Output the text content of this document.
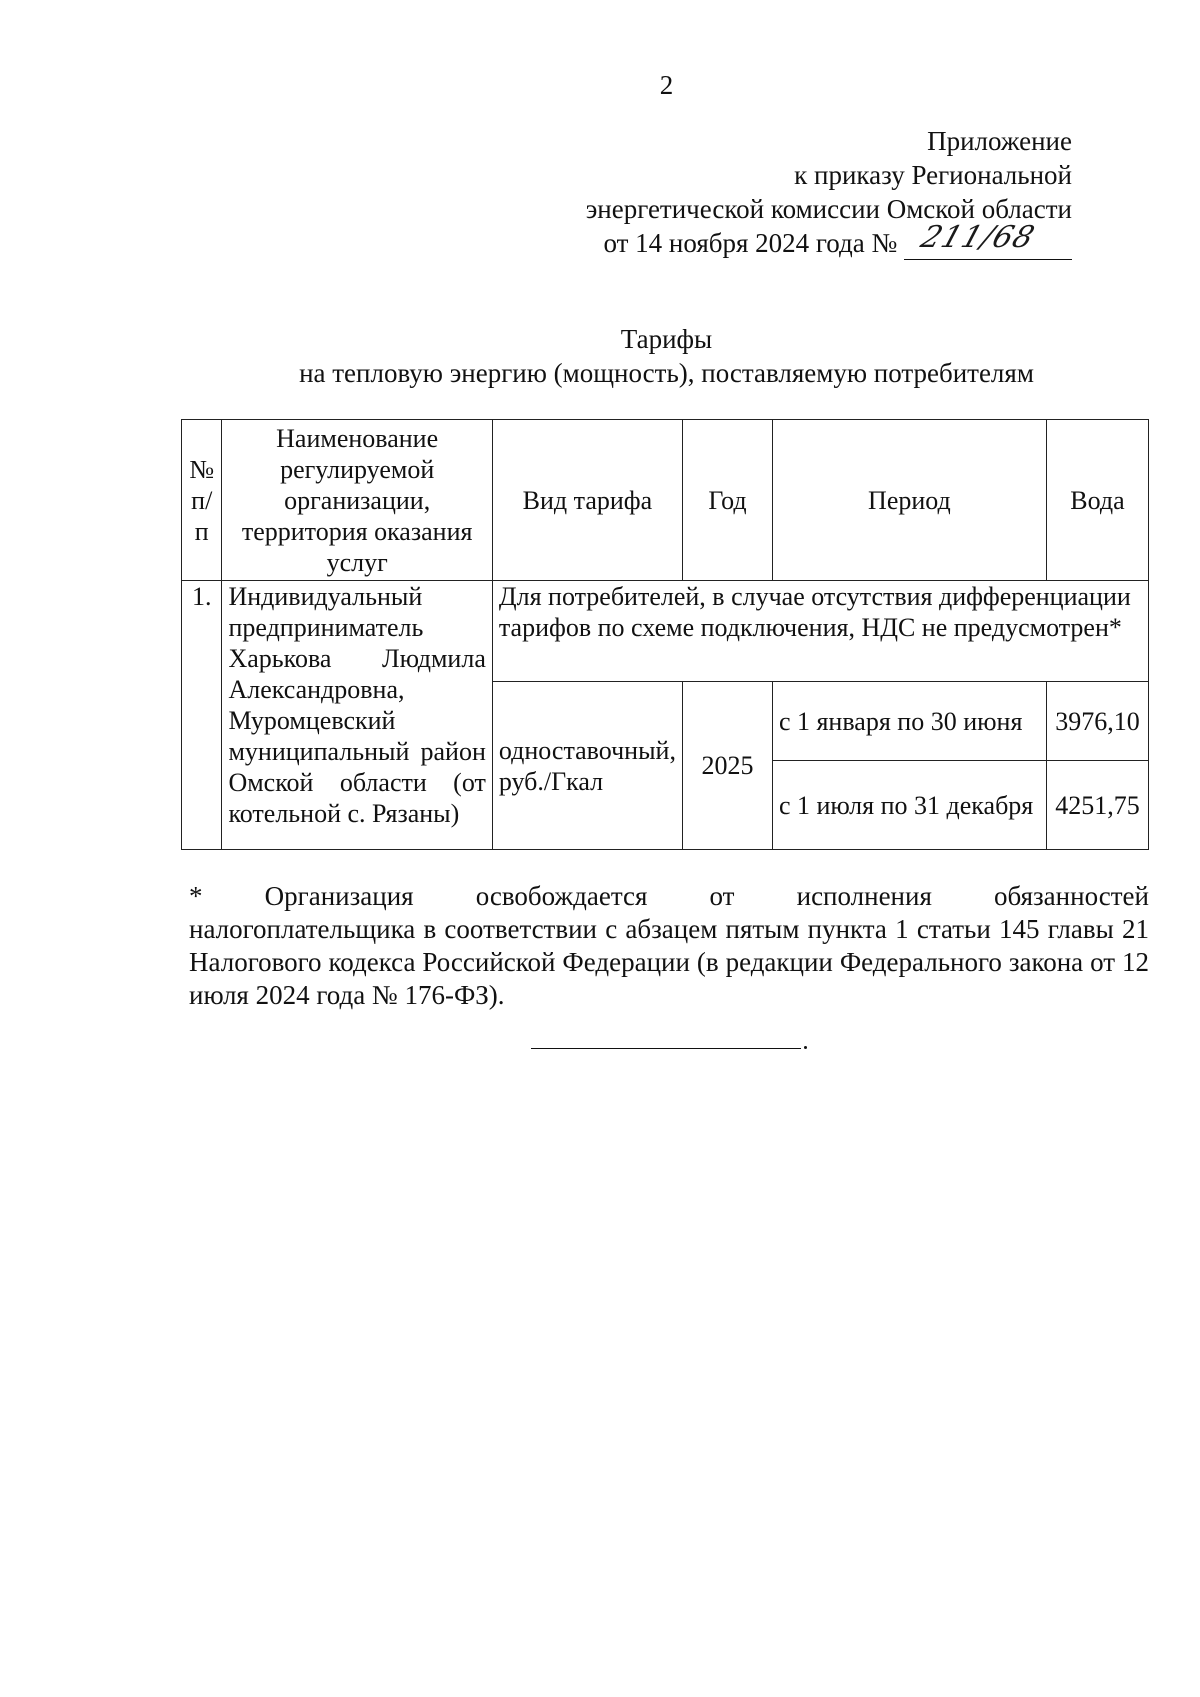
2
Приложение
к приказу Региональной
энергетической комиссии Омской области
от 14 ноября 2024 года № 211/68
Тарифы
на тепловую энергию (мощность), поставляемую потребителям
№ п/п	Наименование регулируемой организации, территория оказания услуг	Вид тарифа	Год	Период	Вода
1.	Индивидуальный предприниматель Харькова Людмила Александровна, Муромцевский муниципальный район Омской области (от котельной с. Рязаны)	Для потребителей, в случае отсутствия дифференциации тарифов по схеме подключения, НДС не предусмотрен*			
		одноставочный, руб./Гкал	2025	с 1 января по 30 июня	3976,10
				с 1 июля по 31 декабря	4251,75
* Организация освобождается от исполнения обязанностей
налогоплательщика в соответствии с абзацем пятым пункта 1 статьи 145 главы 21 Налогового кодекса Российской Федерации (в редакции Федерального закона от 12 июля 2024 года № 176-ФЗ).
